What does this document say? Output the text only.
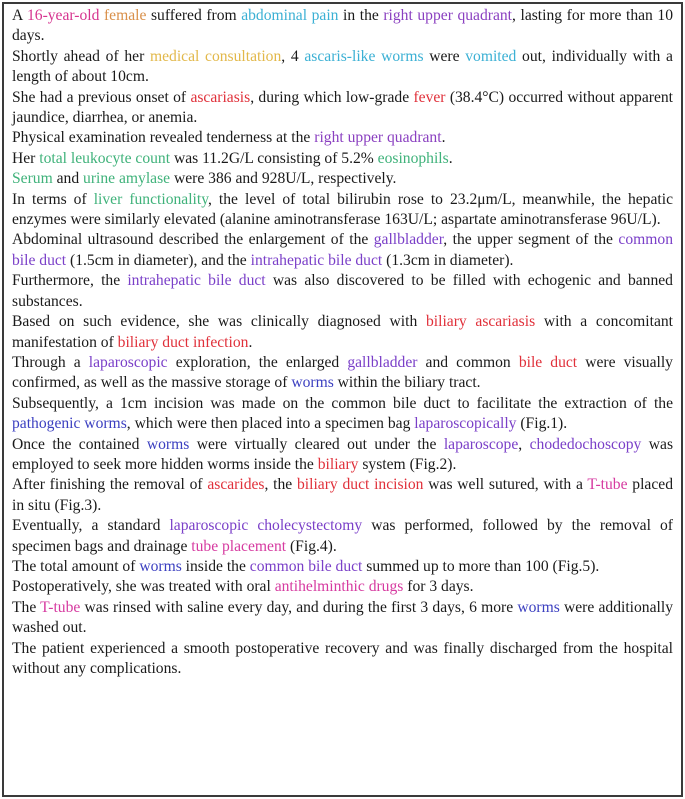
A 16-year-old female suffered from abdominal pain in the right upper quadrant, lasting for more than 10 days.

Shortly ahead of her medical consultation, 4 ascaris-like worms were vomited out, individually with a length of about 10cm.

She had a previous onset of ascariasis, during which low-grade fever (38.4°C) occurred without apparent jaundice, diarrhea, or anemia.

Physical examination revealed tenderness at the right upper quadrant.

Her total leukocyte count was 11.2G/L consisting of 5.2% eosinophils.

Serum and urine amylase were 386 and 928U/L, respectively.

In terms of liver functionality, the level of total bilirubin rose to 23.2μm/L, meanwhile, the hepatic enzymes were similarly elevated (alanine aminotransferase 163U/L; aspartate aminotransferase 96U/L).

Abdominal ultrasound described the enlargement of the gallbladder, the upper segment of the common bile duct (1.5cm in diameter), and the intrahepatic bile duct (1.3cm in diameter).

Furthermore, the intrahepatic bile duct was also discovered to be filled with echogenic and banned substances.

Based on such evidence, she was clinically diagnosed with biliary ascariasis with a concomitant manifestation of biliary duct infection.

Through a laparoscopic exploration, the enlarged gallbladder and common bile duct were visually confirmed, as well as the massive storage of worms within the biliary tract.

Subsequently, a 1cm incision was made on the common bile duct to facilitate the extraction of the pathogenic worms, which were then placed into a specimen bag laparoscopically (Fig.1).

Once the contained worms were virtually cleared out under the laparoscope, chodedochoscopy was employed to seek more hidden worms inside the biliary system (Fig.2).

After finishing the removal of ascarides, the biliary duct incision was well sutured, with a T-tube placed in situ (Fig.3).

Eventually, a standard laparoscopic cholecystectomy was performed, followed by the removal of specimen bags and drainage tube placement (Fig.4).

The total amount of worms inside the common bile duct summed up to more than 100 (Fig.5).

Postoperatively, she was treated with oral antihelminthic drugs for 3 days.

The T-tube was rinsed with saline every day, and during the first 3 days, 6 more worms were additionally washed out.

The patient experienced a smooth postoperative recovery and was finally discharged from the hospital without any complications.
